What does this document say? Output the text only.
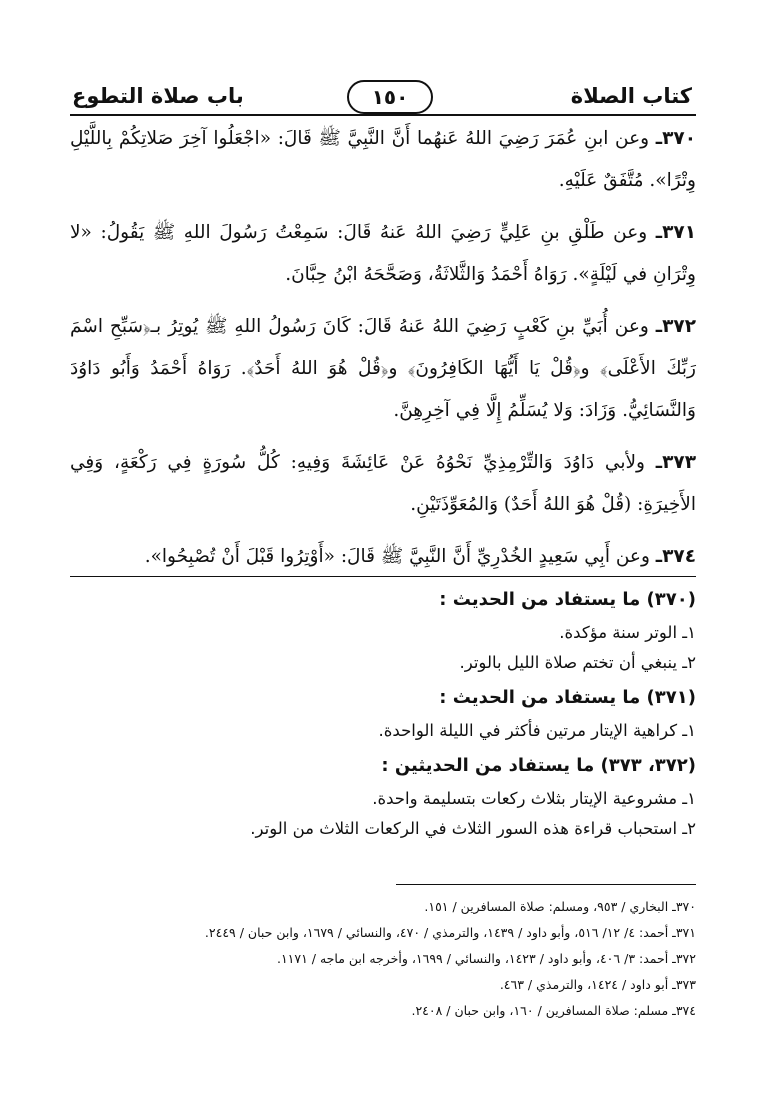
كتاب الصلاة
١٥٠
باب صلاة التطوع

٣٧٠ـ وعن ابنِ عُمَرَ رَضِيَ اللهُ عَنهُما أَنَّ النَّبِيَّ ﷺ قَالَ: «اجْعَلُوا آخِرَ صَلاتِكُمْ بِاللَّيْلِ وِتْرًا». مُتَّفَقٌ عَلَيْهِ.

٣٧١ـ وعن طَلْقِ بنِ عَلِيٍّ رَضِيَ اللهُ عَنهُ قَالَ: سَمِعْتُ رَسُولَ اللهِ ﷺ يَقُولُ: «لا وِتْرَانِ في لَيْلَةٍ». رَوَاهُ أَحْمَدُ وَالثَّلاثَةُ، وَصَحَّحَهُ ابْنُ حِبَّانَ.

٣٧٢ـ وعن أُبَيِّ بنِ كَعْبٍ رَضِيَ اللهُ عَنهُ قَالَ: كَانَ رَسُولُ اللهِ ﷺ يُوتِرُ بـ﴿سَبِّحِ اسْمَ رَبِّكَ الأَعْلَى﴾ و﴿قُلْ يَا أَيُّهَا الكَافِرُونَ﴾ و﴿قُلْ هُوَ اللهُ أَحَدٌ﴾. رَوَاهُ أَحْمَدُ وَأَبُو دَاوُدَ وَالنَّسَائِيُّ. وَزَادَ: وَلا يُسَلِّمُ إِلَّا فِي آخِرِهِنَّ.

٣٧٣ـ ولأبي دَاوُدَ وَالتِّرْمِذِيِّ نَحْوُهُ عَنْ عَائِشَةَ وَفِيهِ: كُلُّ سُورَةٍ فِي رَكْعَةٍ، وَفِي الأَخِيرَةِ: (قُلْ هُوَ اللهُ أَحَدٌ) وَالمُعَوِّذَتَيْنِ.

٣٧٤ـ وعن أَبِي سَعِيدٍ الخُدْرِيِّ أَنَّ النَّبِيَّ ﷺ قَالَ: «أَوْتِرُوا قَبْلَ أَنْ تُصْبِحُوا».

(٣٧٠) ما يستفاد من الحديث :
١ـ الوتر سنة مؤكدة.
٢ـ ينبغي أن تختم صلاة الليل بالوتر.
(٣٧١) ما يستفاد من الحديث :
١ـ كراهية الإيتار مرتين فأكثر في الليلة الواحدة.
(٣٧٢، ٣٧٣) ما يستفاد من الحديثين :
١ـ مشروعية الإيتار بثلاث ركعات بتسليمة واحدة.
٢ـ استحباب قراءة هذه السور الثلاث في الركعات الثلاث من الوتر.
٣٧٠ـ البخاري / ٩٥٣، ومسلم: صلاة المسافرين / ١٥١.
٣٧١ـ أحمد: ٤/ ١٢/ ٥١٦، وأبو داود / ١٤٣٩، والترمذي / ٤٧٠، والنسائي / ١٦٧٩، وابن حبان / ٢٤٤٩.
٣٧٢ـ أحمد: ٣/ ٤٠٦، وأبو داود / ١٤٢٣، والنسائي / ١٦٩٩، وأخرجه ابن ماجه / ١١٧١.
٣٧٣ـ أبو داود / ١٤٢٤، والترمذي / ٤٦٣.
٣٧٤ـ مسلم: صلاة المسافرين / ١٦٠، وابن حبان / ٢٤٠٨.
